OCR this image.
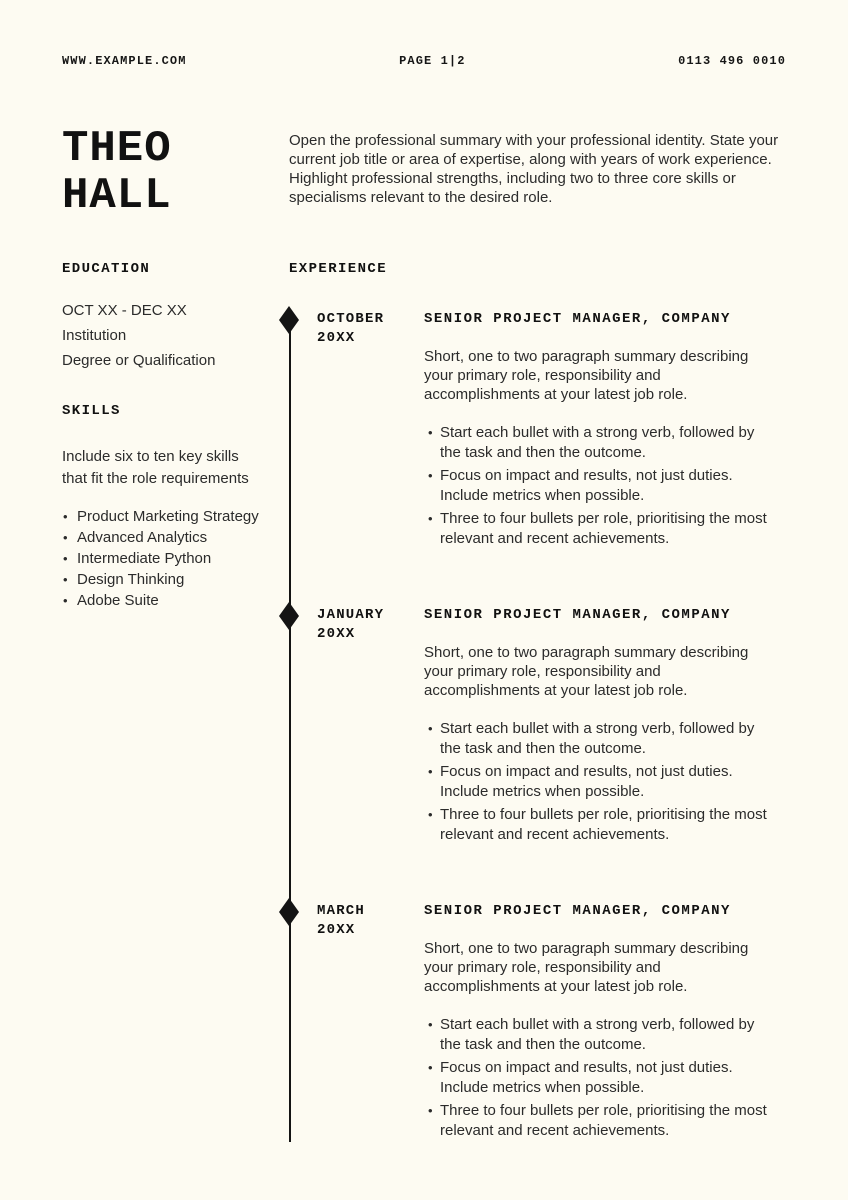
WWW.EXAMPLE.COM	PAGE 1|2	0113 496 0010
THEO
HALL

Open the professional summary with your professional identity. State your current job title or area of expertise, along with years of work experience. Highlight professional strengths, including two to three core skills or specialisms relevant to the desired role.

EDUCATION

OCT XX - DEC XX

Institution

Degree or Qualification

SKILLS

Include six to ten key skills that fit the role requirements

• Product Marketing Strategy
• Advanced Analytics
• Intermediate Python
• Design Thinking
• Adobe Suite
EXPERIENCE
OCTOBER
20XX
SENIOR PROJECT MANAGER, COMPANY

Short, one to two paragraph summary describing your primary role, responsibility and accomplishments at your latest job role.

• Start each bullet with a strong verb, followed by the task and then the outcome.
• Focus on impact and results, not just duties. Include metrics when possible.
• Three to four bullets per role, prioritising the most relevant and recent achievements.
JANUARY
20XX
SENIOR PROJECT MANAGER, COMPANY

Short, one to two paragraph summary describing your primary role, responsibility and accomplishments at your latest job role.

• Start each bullet with a strong verb, followed by the task and then the outcome.
• Focus on impact and results, not just duties. Include metrics when possible.
• Three to four bullets per role, prioritising the most relevant and recent achievements.
MARCH
20XX
SENIOR PROJECT MANAGER, COMPANY

Short, one to two paragraph summary describing your primary role, responsibility and accomplishments at your latest job role.

• Start each bullet with a strong verb, followed by the task and then the outcome.
• Focus on impact and results, not just duties. Include metrics when possible.
• Three to four bullets per role, prioritising the most relevant and recent achievements.
